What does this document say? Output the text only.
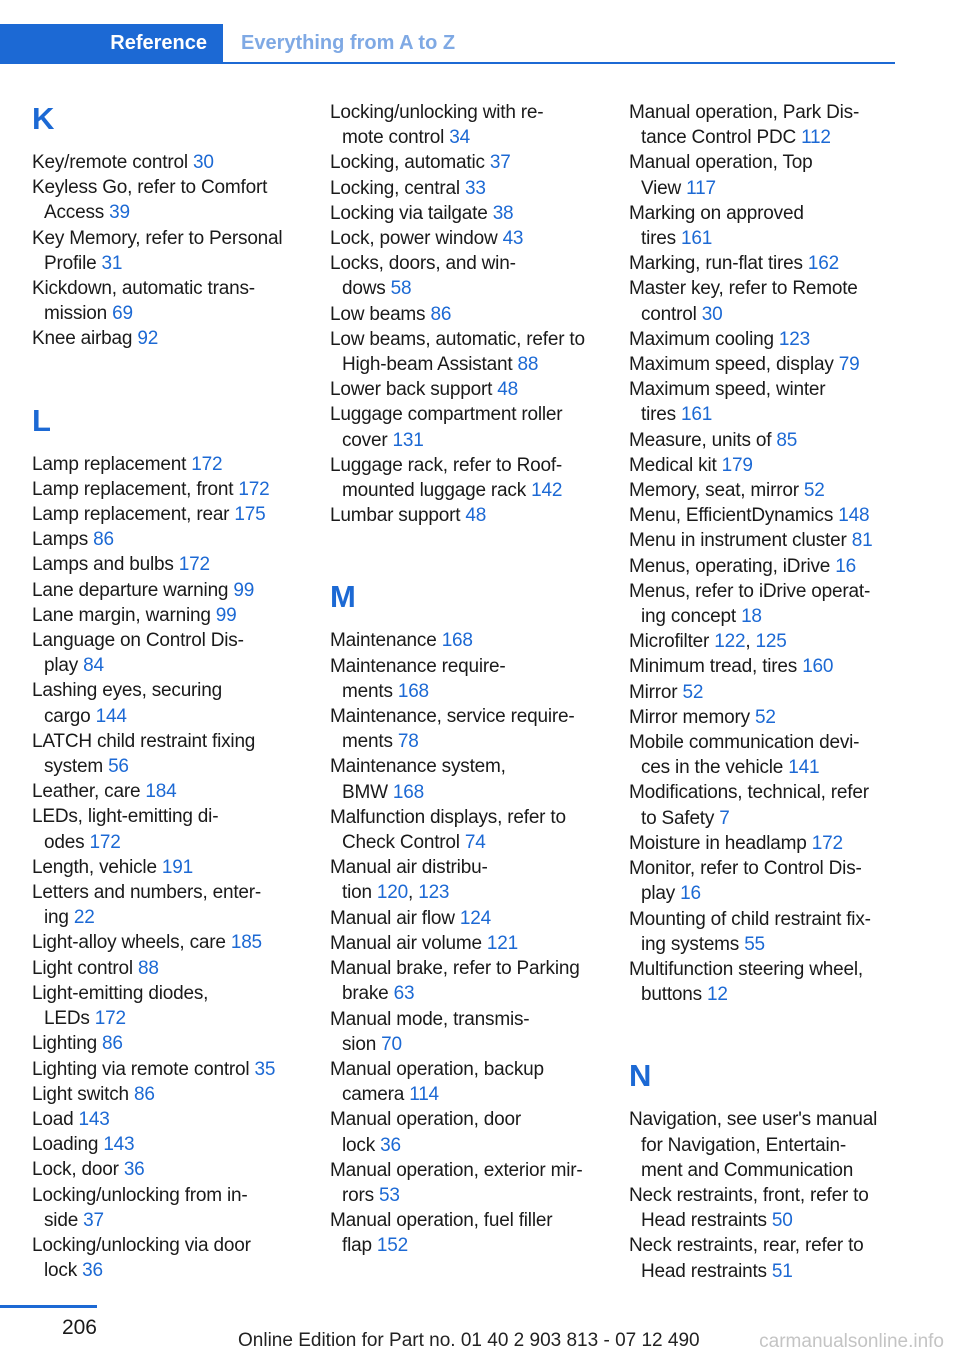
Reference	Everything from A to Z
K
Key/remote control 30
Keyless Go, refer to Comfort
Access 39
Key Memory, refer to Personal
Profile 31
Kickdown, automatic trans-
mission 69
Knee airbag 92
L
Lamp replacement 172
Lamp replacement, front 172
Lamp replacement, rear 175
Lamps 86
Lamps and bulbs 172
Lane departure warning 99
Lane margin, warning 99
Language on Control Dis-
play 84
Lashing eyes, securing
cargo 144
LATCH child restraint fixing
system 56
Leather, care 184
LEDs, light-emitting di-
odes 172
Length, vehicle 191
Letters and numbers, enter-
ing 22
Light-alloy wheels, care 185
Light control 88
Light-emitting diodes,
LEDs 172
Lighting 86
Lighting via remote control 35
Light switch 86
Load 143
Loading 143
Lock, door 36
Locking/unlocking from in-
side 37
Locking/unlocking via door
lock 36
Locking/unlocking with re-
mote control 34
Locking, automatic 37
Locking, central 33
Locking via tailgate 38
Lock, power window 43
Locks, doors, and win-
dows 58
Low beams 86
Low beams, automatic, refer to
High-beam Assistant 88
Lower back support 48
Luggage compartment roller
cover 131
Luggage rack, refer to Roof-
mounted luggage rack 142
Lumbar support 48
M
Maintenance 168
Maintenance require-
ments 168
Maintenance, service require-
ments 78
Maintenance system,
BMW 168
Malfunction displays, refer to
Check Control 74
Manual air distribu-
tion 120, 123
Manual air flow 124
Manual air volume 121
Manual brake, refer to Parking
brake 63
Manual mode, transmis-
sion 70
Manual operation, backup
camera 114
Manual operation, door
lock 36
Manual operation, exterior mir-
rors 53
Manual operation, fuel filler
flap 152
Manual operation, Park Dis-
tance Control PDC 112
Manual operation, Top
View 117
Marking on approved
tires 161
Marking, run-flat tires 162
Master key, refer to Remote
control 30
Maximum cooling 123
Maximum speed, display 79
Maximum speed, winter
tires 161
Measure, units of 85
Medical kit 179
Memory, seat, mirror 52
Menu, EfficientDynamics 148
Menu in instrument cluster 81
Menus, operating, iDrive 16
Menus, refer to iDrive operat-
ing concept 18
Microfilter 122, 125
Minimum tread, tires 160
Mirror 52
Mirror memory 52
Mobile communication devi-
ces in the vehicle 141
Modifications, technical, refer
to Safety 7
Moisture in headlamp 172
Monitor, refer to Control Dis-
play 16
Mounting of child restraint fix-
ing systems 55
Multifunction steering wheel,
buttons 12
N
Navigation, see user's manual
for Navigation, Entertain-
ment and Communication
Neck restraints, front, refer to
Head restraints 50
Neck restraints, rear, refer to
Head restraints 51
206
Online Edition for Part no. 01 40 2 903 813 - 07 12 490	carmanualsonline.info
